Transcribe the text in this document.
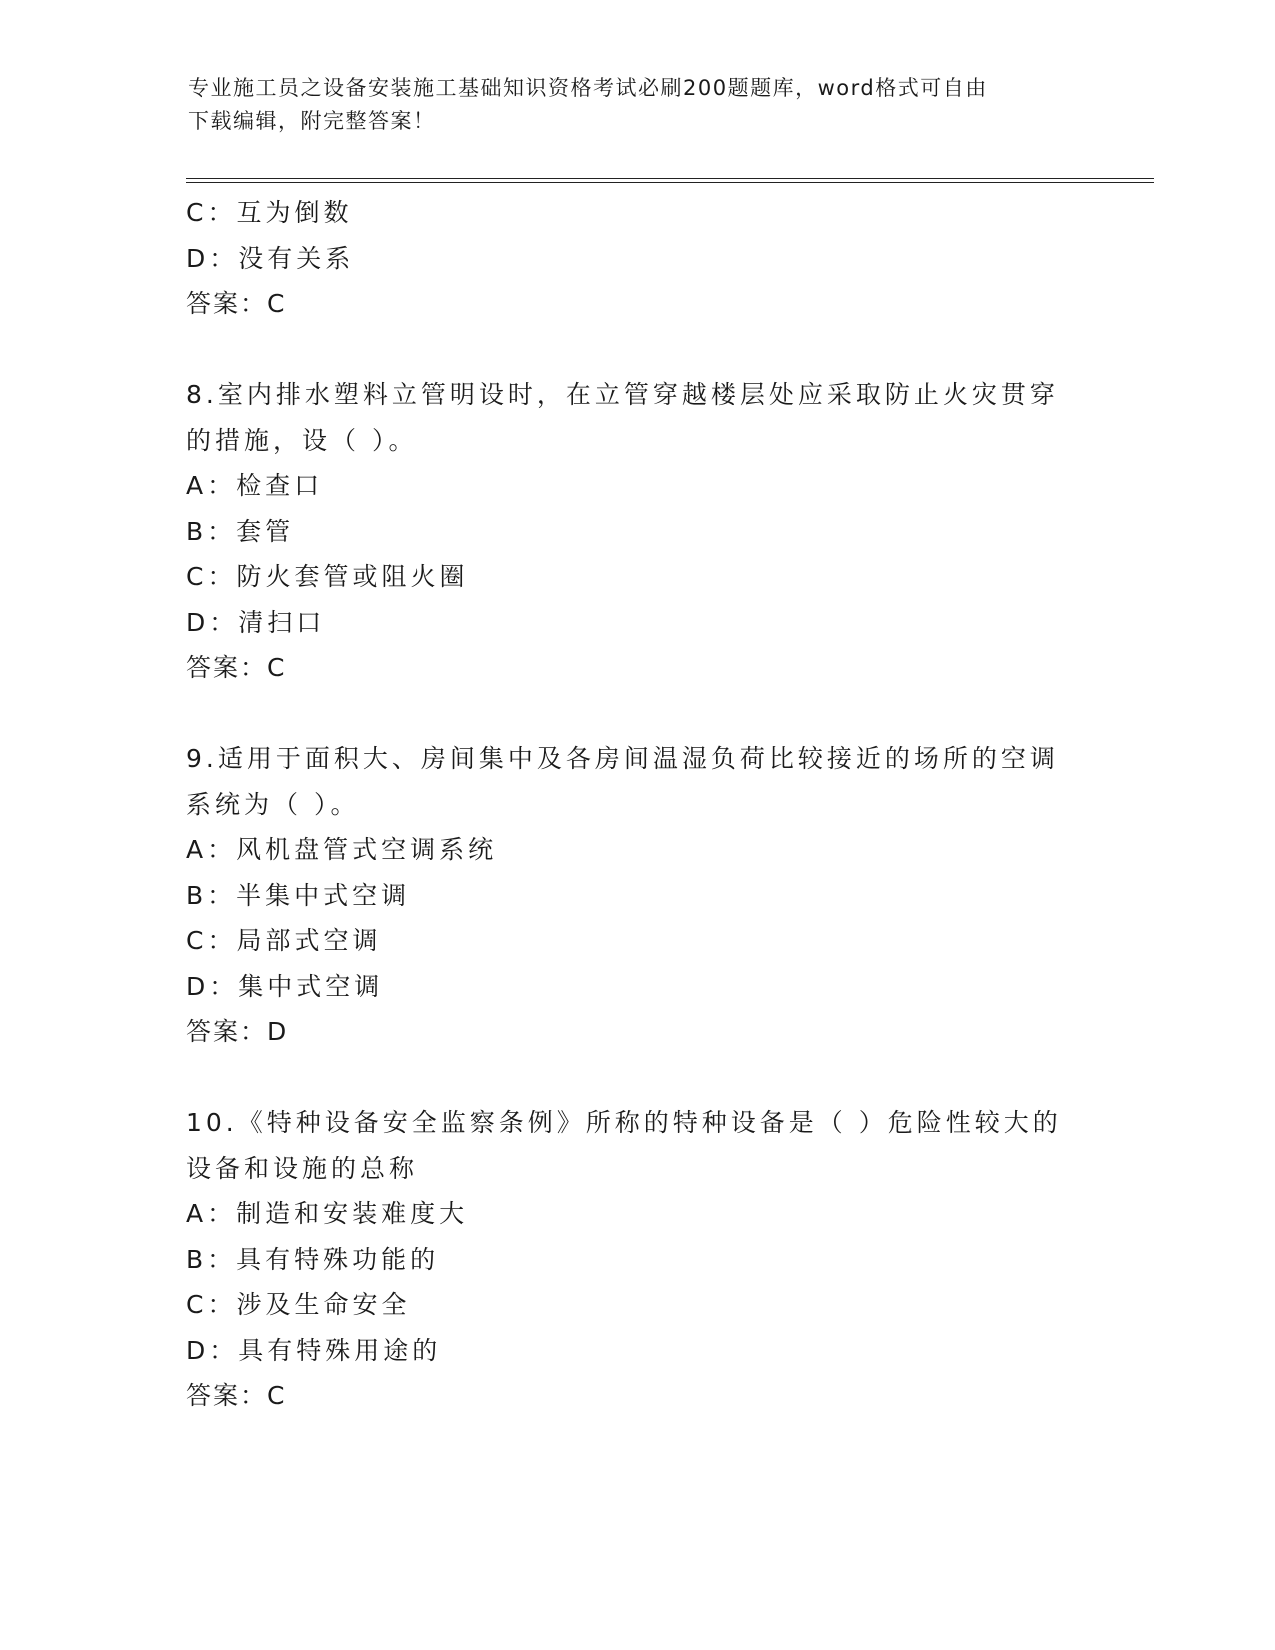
专业施工员之设备安装施工基础知识资格考试必刷200题题库，word格式可自由
下载编辑，附完整答案！
C：互为倒数
D：没有关系
答案：C
8.室内排水塑料立管明设时，在立管穿越楼层处应采取防止火灾贯穿
的措施，设（ ）。
A：检查口
B：套管
C：防火套管或阻火圈
D：清扫口
答案：C
9.适用于面积大、房间集中及各房间温湿负荷比较接近的场所的空调
系统为（ ）。
A：风机盘管式空调系统
B：半集中式空调
C：局部式空调
D：集中式空调
答案：D
10.《特种设备安全监察条例》所称的特种设备是（ ）危险性较大的
设备和设施的总称
A：制造和安装难度大
B：具有特殊功能的
C：涉及生命安全
D：具有特殊用途的
答案：C
